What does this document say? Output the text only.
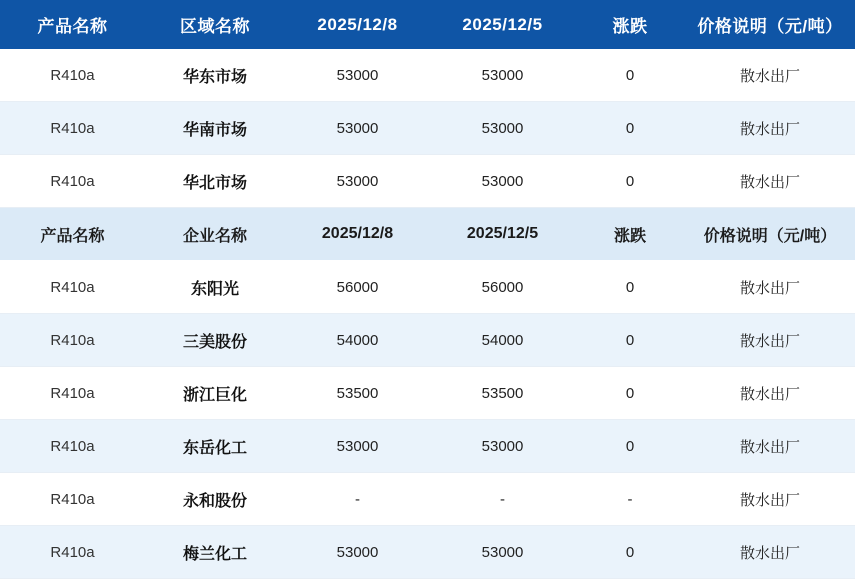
产品名称	区域名称	2025/12/8	2025/12/5	涨跌	价格说明（元/吨）
R410a	华东市场	53000	53000	0	散水出厂
R410a	华南市场	53000	53000	0	散水出厂
R410a	华北市场	53000	53000	0	散水出厂
产品名称	企业名称	2025/12/8	2025/12/5	涨跌	价格说明（元/吨）
R410a	东阳光	56000	56000	0	散水出厂
R410a	三美股份	54000	54000	0	散水出厂
R410a	浙江巨化	53500	53500	0	散水出厂
R410a	东岳化工	53000	53000	0	散水出厂
R410a	永和股份	-	-	-	散水出厂
R410a	梅兰化工	53000	53000	0	散水出厂
